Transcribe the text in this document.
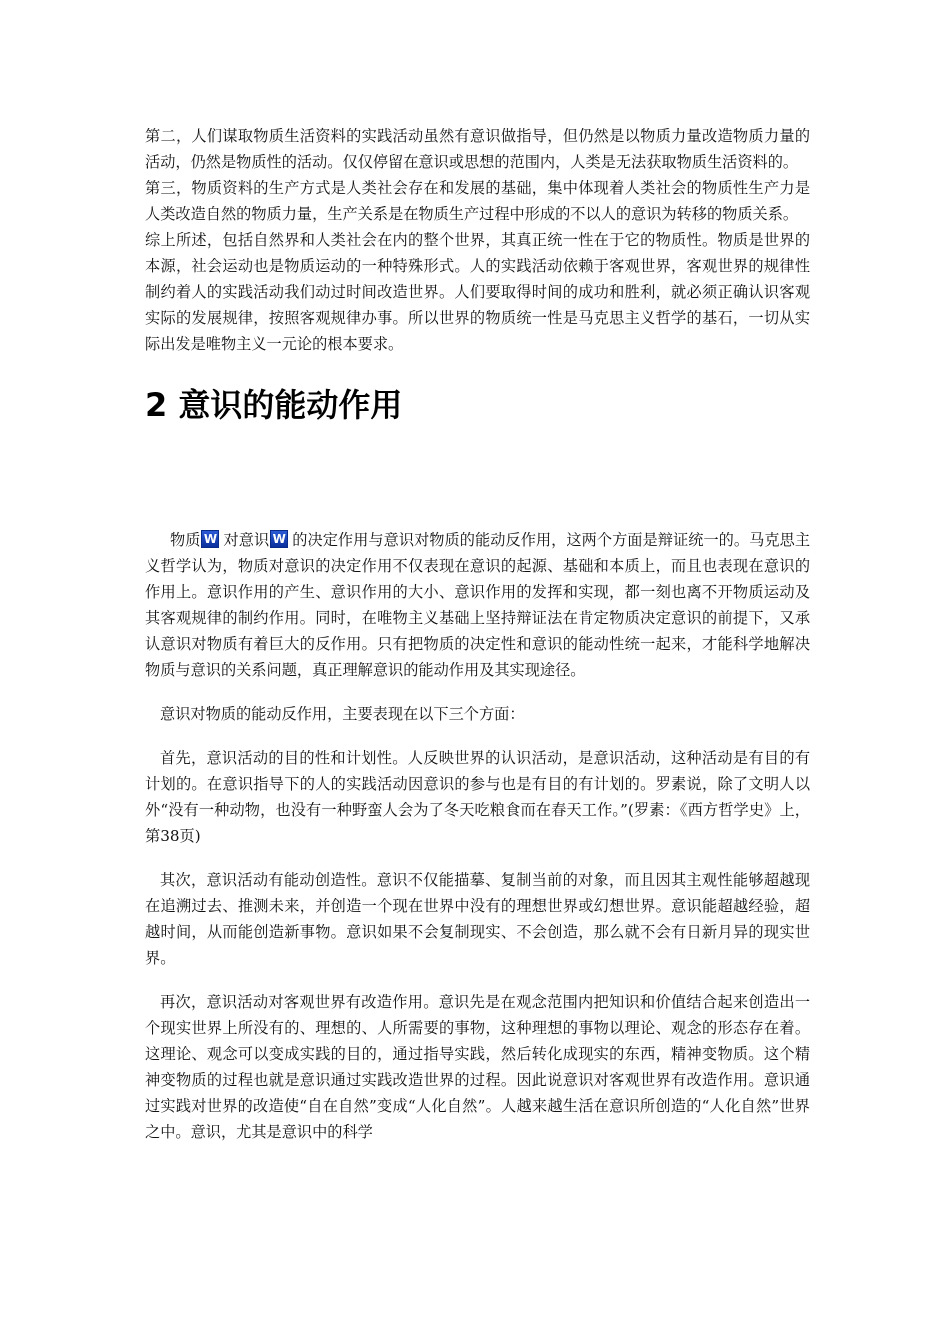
第二，人们谋取物质生活资料的实践活动虽然有意识做指导，但仍然是以物质力量改造物质力量的活动，仍然是物质性的活动。仅仅停留在意识或思想的范围内，人类是无法获取物质生活资料的。

第三，物质资料的生产方式是人类社会存在和发展的基础，集中体现着人类社会的物质性生产力是人类改造自然的物质力量，生产关系是在物质生产过程中形成的不以人的意识为转移的物质关系。

综上所述，包括自然界和人类社会在内的整个世界，其真正统一性在于它的物质性。物质是世界的本源，社会运动也是物质运动的一种特殊形式。人的实践活动依赖于客观世界，客观世界的规律性制约着人的实践活动我们动过时间改造世界。人们要取得时间的成功和胜利，就必须正确认识客观实际的发展规律，按照客观规律办事。所以世界的物质统一性是马克思主义哲学的基石，一切从实际出发是唯物主义一元论的根本要求。

2 意识的能动作用

物质 W 对意识 W 的决定作用与意识对物质的能动反作用，这两个方面是辩证统一的。马克思主义哲学认为，物质对意识的决定作用不仅表现在意识的起源、基础和本质上，而且也表现在意识的作用上。意识作用的产生、意识作用的大小、意识作用的发挥和实现，都一刻也离不开物质运动及其客观规律的制约作用。同时，在唯物主义基础上坚持辩证法在肯定物质决定意识的前提下，又承认意识对物质有着巨大的反作用。只有把物质的决定性和意识的能动性统一起来，才能科学地解决物质与意识的关系问题，真正理解意识的能动作用及其实现途径。

意识对物质的能动反作用，主要表现在以下三个方面：

首先，意识活动的目的性和计划性。人反映世界的认识活动，是意识活动，这种活动是有目的有计划的。在意识指导下的人的实践活动因意识的参与也是有目的有计划的。罗素说，除了文明人以外“没有一种动物，也没有一种野蛮人会为了冬天吃粮食而在春天工作。”(罗素：《西方哲学史》上，第38页)

其次，意识活动有能动创造性。意识不仅能描摹、复制当前的对象，而且因其主观性能够超越现在追溯过去、推测未来，并创造一个现在世界中没有的理想世界或幻想世界。意识能超越经验，超越时间，从而能创造新事物。意识如果不会复制现实、不会创造，那么就不会有日新月异的现实世界。

再次，意识活动对客观世界有改造作用。意识先是在观念范围内把知识和价值结合起来创造出一个现实世界上所没有的、理想的、人所需要的事物，这种理想的事物以理论、观念的形态存在着。这理论、观念可以变成实践的目的，通过指导实践，然后转化成现实的东西，精神变物质。这个精神变物质的过程也就是意识通过实践改造世界的过程。因此说意识对客观世界有改造作用。意识通过实践对世界的改造使“自在自然”变成“人化自然”。人越来越生活在意识所创造的“人化自然”世界之中。意识，尤其是意识中的科学
